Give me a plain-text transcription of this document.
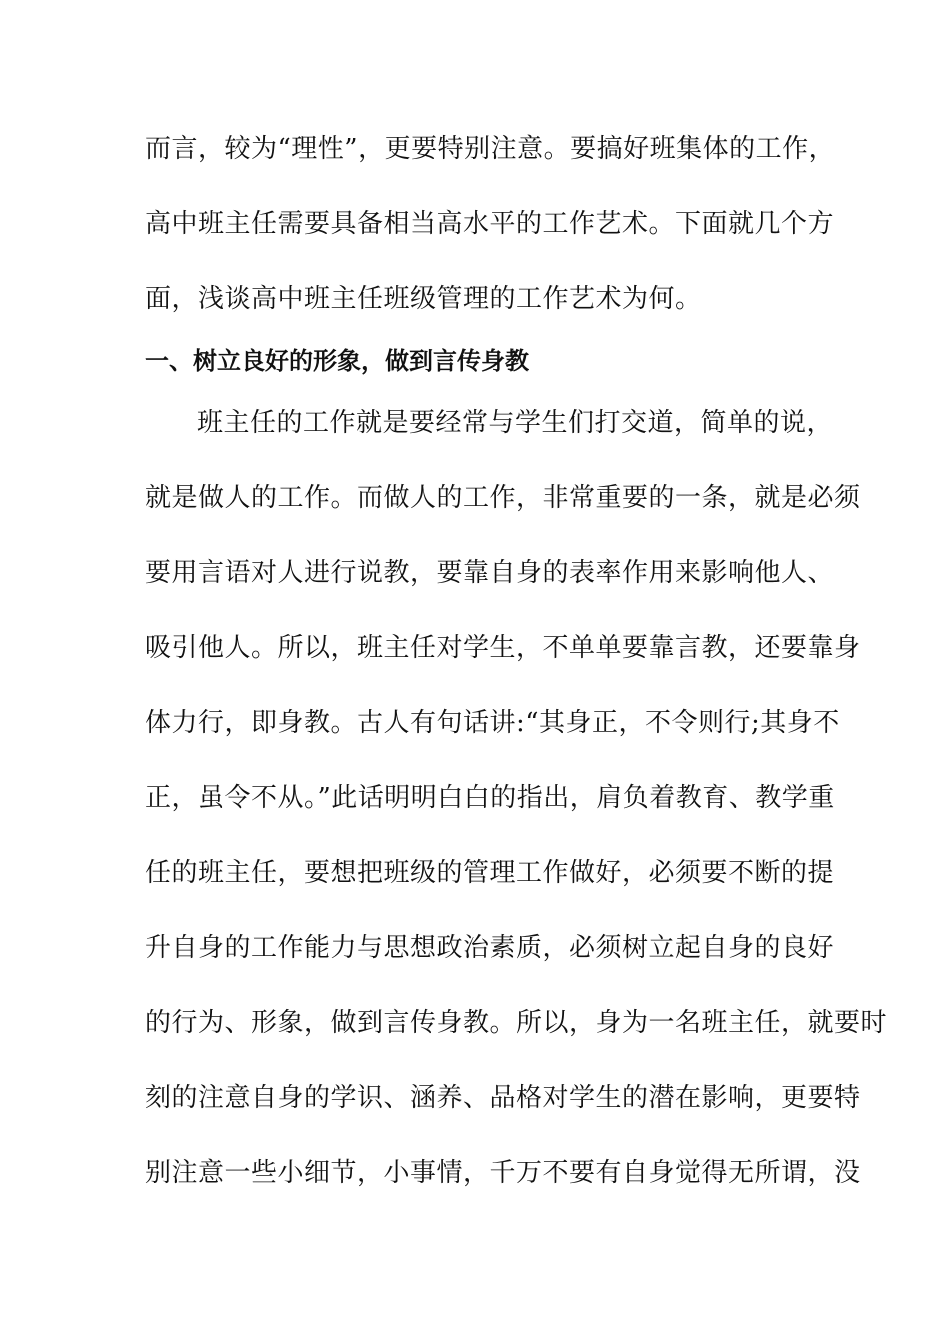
而言，较为“理性”，更要特别注意。要搞好班集体的工作，
高中班主任需要具备相当高水平的工作艺术。下面就几个方
面，浅谈高中班主任班级管理的工作艺术为何。
一、树立良好的形象，做到言传身教
班主任的工作就是要经常与学生们打交道，简单的说，
就是做人的工作。而做人的工作，非常重要的一条，就是必须
要用言语对人进行说教，要靠自身的表率作用来影响他人、
吸引他人。所以，班主任对学生，不单单要靠言教，还要靠身
体力行，即身教。古人有句话讲:“其身正，不令则行;其身不
正，虽令不从。”此话明明白白的指出，肩负着教育、教学重
任的班主任，要想把班级的管理工作做好，必须要不断的提
升自身的工作能力与思想政治素质，必须树立起自身的良好
的行为、形象，做到言传身教。所以，身为一名班主任，就要时
刻的注意自身的学识、涵养、品格对学生的潜在影响，更要特
别注意一些小细节，小事情，千万不要有自身觉得无所谓，没
